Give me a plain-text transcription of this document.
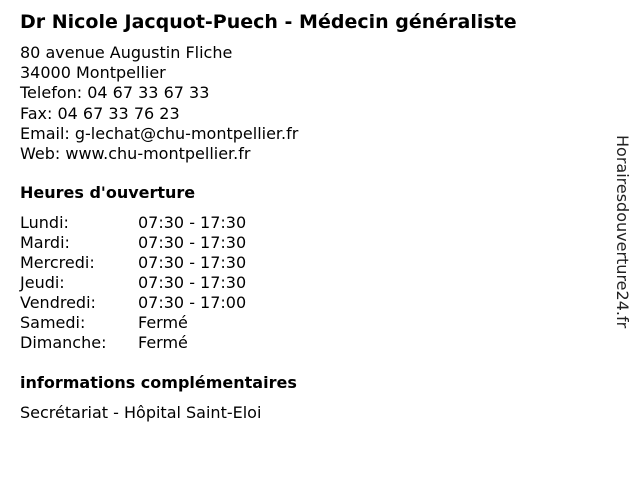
Dr Nicole Jacquot-Puech - Médecin généraliste
80 avenue Augustin Fliche
34000 Montpellier
Telefon: 04 67 33 67 33
Fax: 04 67 33 76 23
Email: g-lechat@chu-montpellier.fr
Web: www.chu-montpellier.fr
Heures d'ouverture
Lundi:	07:30 - 17:30
Mardi:	07:30 - 17:30
Mercredi:	07:30 - 17:30
Jeudi:	07:30 - 17:30
Vendredi:	07:30 - 17:00
Samedi:	Fermé
Dimanche: Fermé
informations complémentaires
Secrétariat - Hôpital Saint-Eloi
Horairesdouverture24.fr
